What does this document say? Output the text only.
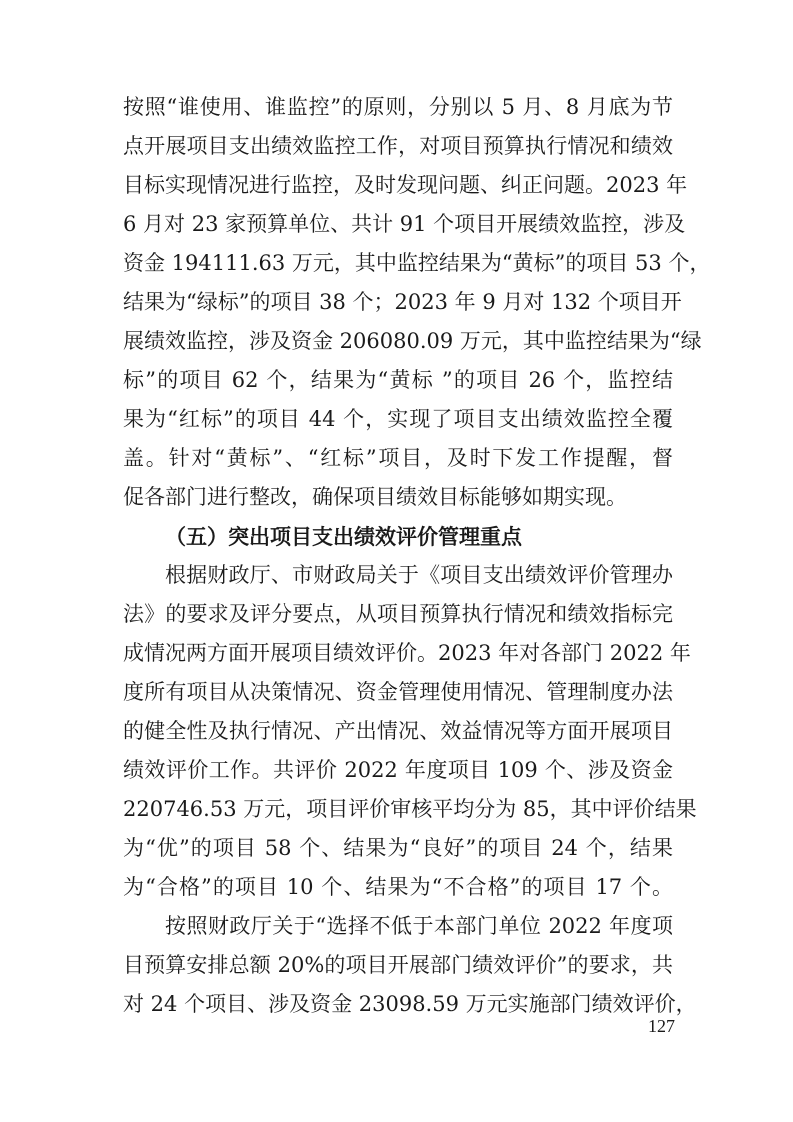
按照“谁使用、谁监控”的原则，分别以 5 月、8 月底为节
点开展项目支出绩效监控工作，对项目预算执行情况和绩效
目标实现情况进行监控，及时发现问题、纠正问题。2023 年
6 月对 23 家预算单位、共计 91 个项目开展绩效监控，涉及
资金 194111.63 万元，其中监控结果为“黄标”的项目 53 个，
结果为“绿标”的项目 38 个；2023 年 9 月对 132 个项目开
展绩效监控，涉及资金 206080.09 万元，其中监控结果为“绿
标”的项目 62 个，结果为“黄标 ”的项目 26 个，监控结
果为“红标”的项目 44 个，实现了项目支出绩效监控全覆
盖。针对“黄标”、“红标”项目，及时下发工作提醒，督
促各部门进行整改，确保项目绩效目标能够如期实现。
（五）突出项目支出绩效评价管理重点
根据财政厅、市财政局关于《项目支出绩效评价管理办
法》的要求及评分要点，从项目预算执行情况和绩效指标完
成情况两方面开展项目绩效评价。2023 年对各部门 2022 年
度所有项目从决策情况、资金管理使用情况、管理制度办法
的健全性及执行情况、产出情况、效益情况等方面开展项目
绩效评价工作。共评价 2022 年度项目 109 个、涉及资金
220746.53 万元，项目评价审核平均分为 85，其中评价结果
为“优”的项目 58 个、结果为“良好”的项目 24 个，结果
为“合格”的项目 10 个、结果为“不合格”的项目 17 个。
按照财政厅关于“选择不低于本部门单位 2022 年度项
目预算安排总额 20%的项目开展部门绩效评价”的要求，共
对 24 个项目、涉及资金 23098.59 万元实施部门绩效评价，
127
